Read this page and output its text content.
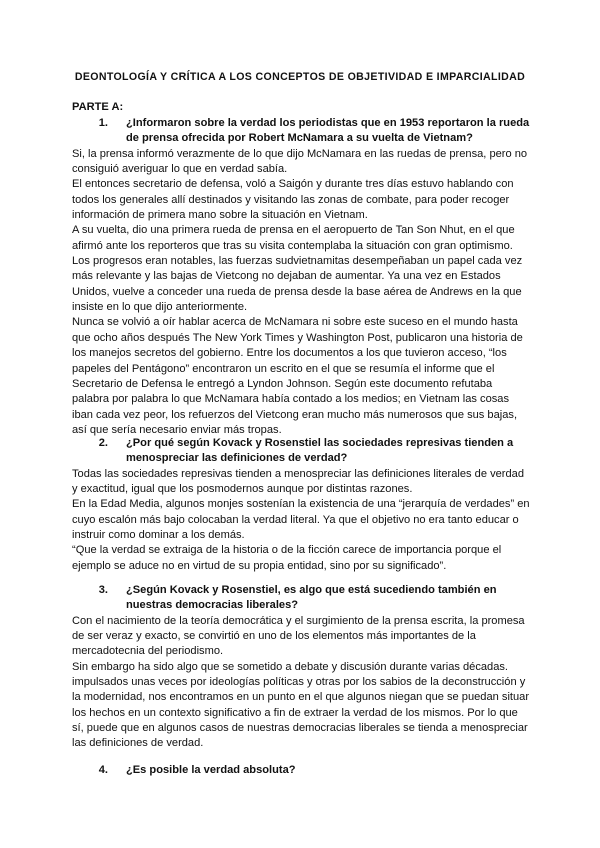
DEONTOLOGÍA Y CRÍTICA A LOS CONCEPTOS DE OBJETIVIDAD E IMPARCIALIDAD
PARTE A:
1.	¿Informaron sobre la verdad los periodistas que en 1953 reportaron la rueda de prensa ofrecida por Robert McNamara a su vuelta de Vietnam?

Si, la prensa informó verazmente de lo que dijo McNamara en las ruedas de prensa, pero no consiguió averiguar lo que en verdad sabía.

El entonces secretario de defensa, voló a Saigón y durante tres días estuvo hablando con todos los generales allí destinados y visitando las zonas de combate, para poder recoger información de primera mano sobre la situación en Vietnam.

A su vuelta, dio una primera rueda de prensa en el aeropuerto de Tan Son Nhut, en el que afirmó ante los reporteros que tras su visita contemplaba la situación con gran optimismo. Los progresos eran notables, las fuerzas sudvietnamitas desempeñaban un papel cada vez más relevante y las bajas de Vietcong no dejaban de aumentar. Ya una vez en Estados Unidos, vuelve a conceder una rueda de prensa desde la base aérea de Andrews en la que insiste en lo que dijo anteriormente.

Nunca se volvió a oír hablar acerca de McNamara ni sobre este suceso en el mundo hasta que ocho años después The New York Times y Washington Post, publicaron una historia de los manejos secretos del gobierno. Entre los documentos a los que tuvieron acceso, “los papeles del Pentágono” encontraron un escrito en el que se resumía el informe que el Secretario de Defensa le entregó a Lyndon Johnson. Según este documento refutaba palabra por palabra lo que McNamara había contado a los medios; en Vietnam las cosas iban cada vez peor, los refuerzos del Vietcong eran mucho más numerosos que sus bajas, así que sería necesario enviar más tropas.

2.	¿Por qué según Kovack y Rosenstiel las sociedades represivas tienden a menospreciar las definiciones de verdad?

Todas las sociedades represivas tienden a menospreciar las definiciones literales de verdad y exactitud, igual que los posmodernos aunque por distintas razones.

En la Edad Media, algunos monjes sostenían la existencia de una “jerarquía de verdades” en cuyo escalón más bajo colocaban la verdad literal. Ya que el objetivo no era tanto educar o instruir como dominar a los demás.

“Que la verdad se extraiga de la historia o de la ficción carece de importancia porque el ejemplo se aduce no en virtud de su propia entidad, sino por su significado”.

3.	¿Según Kovack y Rosenstiel, es algo que está sucediendo también en nuestras democracias liberales?

Con el nacimiento de la teoría democrática y el surgimiento de la prensa escrita, la promesa de ser veraz y exacto, se convirtió en uno de los elementos más importantes de la mercadotecnia del periodismo.

Sin embargo ha sido algo que se sometido a debate y discusión durante varias décadas. impulsados unas veces por ideologías políticas y otras por los sabios de la deconstrucción y la modernidad, nos encontramos en un punto en el que algunos niegan que se puedan situar los hechos en un contexto significativo a fin de extraer la verdad de los mismos. Por lo que sí, puede que en algunos casos de nuestras democracias liberales se tienda a menospreciar las definiciones de verdad.

4.	¿Es posible la verdad absoluta?
